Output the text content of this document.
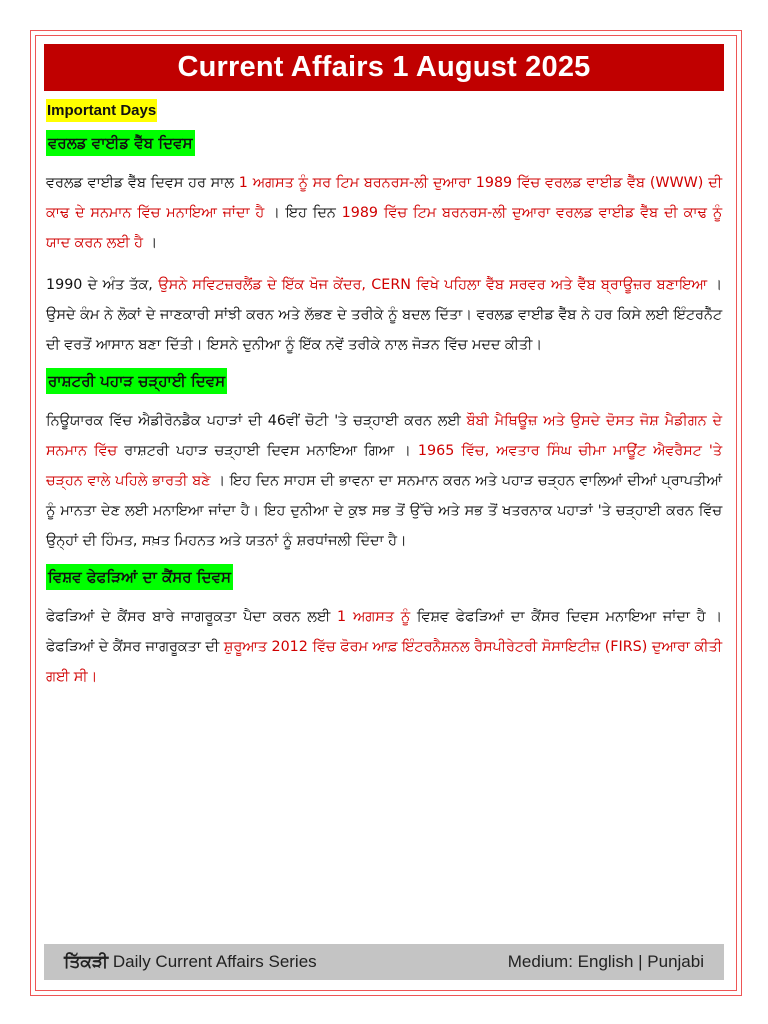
Current Affairs 1 August 2025
Important Days
ਵਰਲਡ ਵਾਈਡ ਵੈੱਬ ਦਿਵਸ

ਵਰਲਡ ਵਾਈਡ ਵੈੱਬ ਦਿਵਸ ਹਰ ਸਾਲ 1 ਅਗਸਤ ਨੂੰ ਸਰ ਟਿਮ ਬਰਨਰਸ-ਲੀ ਦੁਆਰਾ 1989 ਵਿੱਚ ਵਰਲਡ ਵਾਈਡ ਵੈੱਬ (WWW) ਦੀ ਕਾਢ ਦੇ ਸਨਮਾਨ ਵਿੱਚ ਮਨਾਇਆ ਜਾਂਦਾ ਹੈ । ਇਹ ਦਿਨ 1989 ਵਿੱਚ ਟਿਮ ਬਰਨਰਸ-ਲੀ ਦੁਆਰਾ ਵਰਲਡ ਵਾਈਡ ਵੈੱਬ ਦੀ ਕਾਢ ਨੂੰ ਯਾਦ ਕਰਨ ਲਈ ਹੈ ।

1990 ਦੇ ਅੰਤ ਤੱਕ, ਉਸਨੇ ਸਵਿਟਜ਼ਰਲੈਂਡ ਦੇ ਇੱਕ ਖੋਜ ਕੇਂਦਰ, CERN ਵਿਖੇ ਪਹਿਲਾ ਵੈੱਬ ਸਰਵਰ ਅਤੇ ਵੈੱਬ ਬ੍ਰਾਊਜ਼ਰ ਬਣਾਇਆ । ਉਸਦੇ ਕੰਮ ਨੇ ਲੋਕਾਂ ਦੇ ਜਾਣਕਾਰੀ ਸਾਂਝੀ ਕਰਨ ਅਤੇ ਲੱਭਣ ਦੇ ਤਰੀਕੇ ਨੂੰ ਬਦਲ ਦਿੱਤਾ। ਵਰਲਡ ਵਾਈਡ ਵੈੱਬ ਨੇ ਹਰ ਕਿਸੇ ਲਈ ਇੰਟਰਨੈੱਟ ਦੀ ਵਰਤੋਂ ਆਸਾਨ ਬਣਾ ਦਿੱਤੀ। ਇਸਨੇ ਦੁਨੀਆ ਨੂੰ ਇੱਕ ਨਵੇਂ ਤਰੀਕੇ ਨਾਲ ਜੋੜਨ ਵਿੱਚ ਮਦਦ ਕੀਤੀ।

ਰਾਸ਼ਟਰੀ ਪਹਾੜ ਚੜ੍ਹਾਈ ਦਿਵਸ

ਨਿਊਯਾਰਕ ਵਿੱਚ ਐਡੀਰੋਨਡੈਕ ਪਹਾੜਾਂ ਦੀ 46ਵੀਂ ਚੋਟੀ 'ਤੇ ਚੜ੍ਹਾਈ ਕਰਨ ਲਈ ਬੌਬੀ ਮੈਥਿਊਜ਼ ਅਤੇ ਉਸਦੇ ਦੋਸਤ ਜੋਸ਼ ਮੈਡੀਗਨ ਦੇ ਸਨਮਾਨ ਵਿੱਚ ਰਾਸ਼ਟਰੀ ਪਹਾੜ ਚੜ੍ਹਾਈ ਦਿਵਸ ਮਨਾਇਆ ਗਿਆ । 1965 ਵਿੱਚ, ਅਵਤਾਰ ਸਿੰਘ ਚੀਮਾ ਮਾਊਂਟ ਐਵਰੈਸਟ 'ਤੇ ਚੜ੍ਹਨ ਵਾਲੇ ਪਹਿਲੇ ਭਾਰਤੀ ਬਣੇ । ਇਹ ਦਿਨ ਸਾਹਸ ਦੀ ਭਾਵਨਾ ਦਾ ਸਨਮਾਨ ਕਰਨ ਅਤੇ ਪਹਾੜ ਚੜ੍ਹਨ ਵਾਲਿਆਂ ਦੀਆਂ ਪ੍ਰਾਪਤੀਆਂ ਨੂੰ ਮਾਨਤਾ ਦੇਣ ਲਈ ਮਨਾਇਆ ਜਾਂਦਾ ਹੈ। ਇਹ ਦੁਨੀਆ ਦੇ ਕੁਝ ਸਭ ਤੋਂ ਉੱਚੇ ਅਤੇ ਸਭ ਤੋਂ ਖਤਰਨਾਕ ਪਹਾੜਾਂ 'ਤੇ ਚੜ੍ਹਾਈ ਕਰਨ ਵਿੱਚ ਉਨ੍ਹਾਂ ਦੀ ਹਿੰਮਤ, ਸਖ਼ਤ ਮਿਹਨਤ ਅਤੇ ਯਤਨਾਂ ਨੂੰ ਸ਼ਰਧਾਂਜਲੀ ਦਿੰਦਾ ਹੈ।

ਵਿਸ਼ਵ ਫੇਫੜਿਆਂ ਦਾ ਕੈਂਸਰ ਦਿਵਸ

ਫੇਫੜਿਆਂ ਦੇ ਕੈਂਸਰ ਬਾਰੇ ਜਾਗਰੂਕਤਾ ਪੈਦਾ ਕਰਨ ਲਈ 1 ਅਗਸਤ ਨੂੰ ਵਿਸ਼ਵ ਫੇਫੜਿਆਂ ਦਾ ਕੈਂਸਰ ਦਿਵਸ ਮਨਾਇਆ ਜਾਂਦਾ ਹੈ । ਫੇਫੜਿਆਂ ਦੇ ਕੈਂਸਰ ਜਾਗਰੂਕਤਾ ਦੀ ਸ਼ੁਰੂਆਤ 2012 ਵਿੱਚ ਫੋਰਮ ਆਫ਼ ਇੰਟਰਨੈਸ਼ਨਲ ਰੈਸਪੀਰੇਟਰੀ ਸੋਸਾਇਟੀਜ਼ (FIRS) ਦੁਆਰਾ ਕੀਤੀ ਗਈ ਸੀ।

ਤਿੱਕੜੀ Daily Current Affairs Series	Medium: English | Punjabi
